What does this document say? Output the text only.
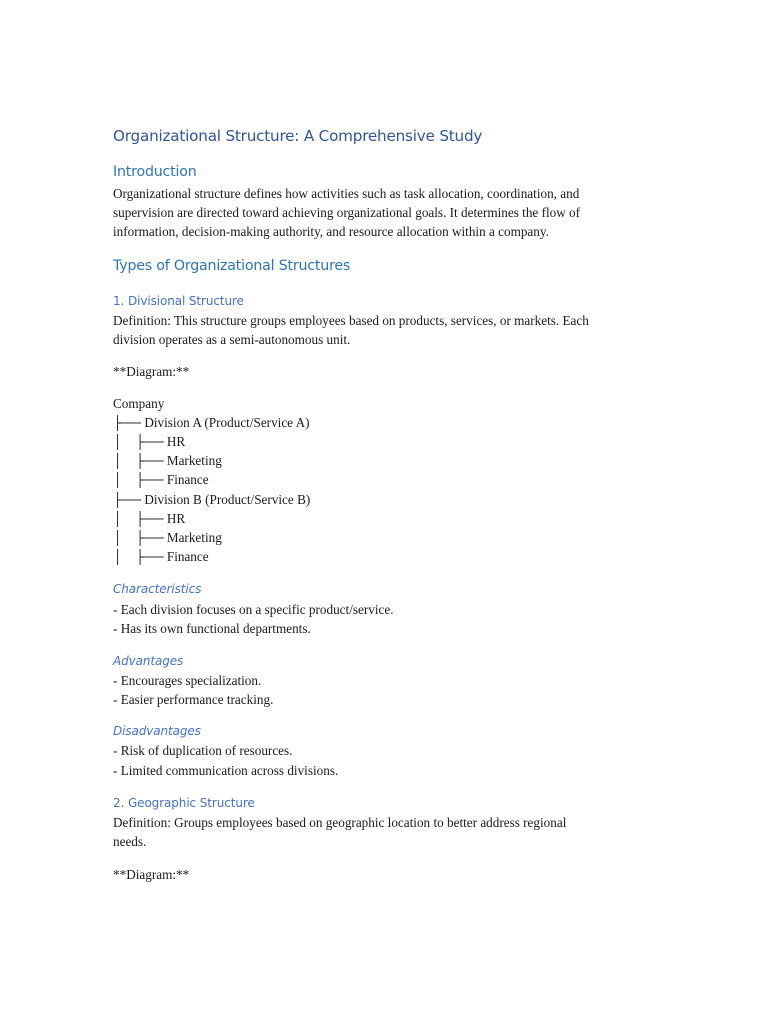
Organizational Structure: A Comprehensive Study
Introduction
Organizational structure defines how activities such as task allocation, coordination, and
supervision are directed toward achieving organizational goals. It determines the flow of
information, decision-making authority, and resource allocation within a company.
Types of Organizational Structures
1. Divisional Structure
Definition: This structure groups employees based on products, services, or markets. Each
division operates as a semi-autonomous unit.
**Diagram:**
Company
├── Division A (Product/Service A)
│    ├── HR
│    ├── Marketing
│    ├── Finance
├── Division B (Product/Service B)
│    ├── HR
│    ├── Marketing
│    ├── Finance
Characteristics
- Each division focuses on a specific product/service.
- Has its own functional departments.
Advantages
- Encourages specialization.
- Easier performance tracking.
Disadvantages
- Risk of duplication of resources.
- Limited communication across divisions.
2. Geographic Structure
Definition: Groups employees based on geographic location to better address regional
needs.
**Diagram:**
